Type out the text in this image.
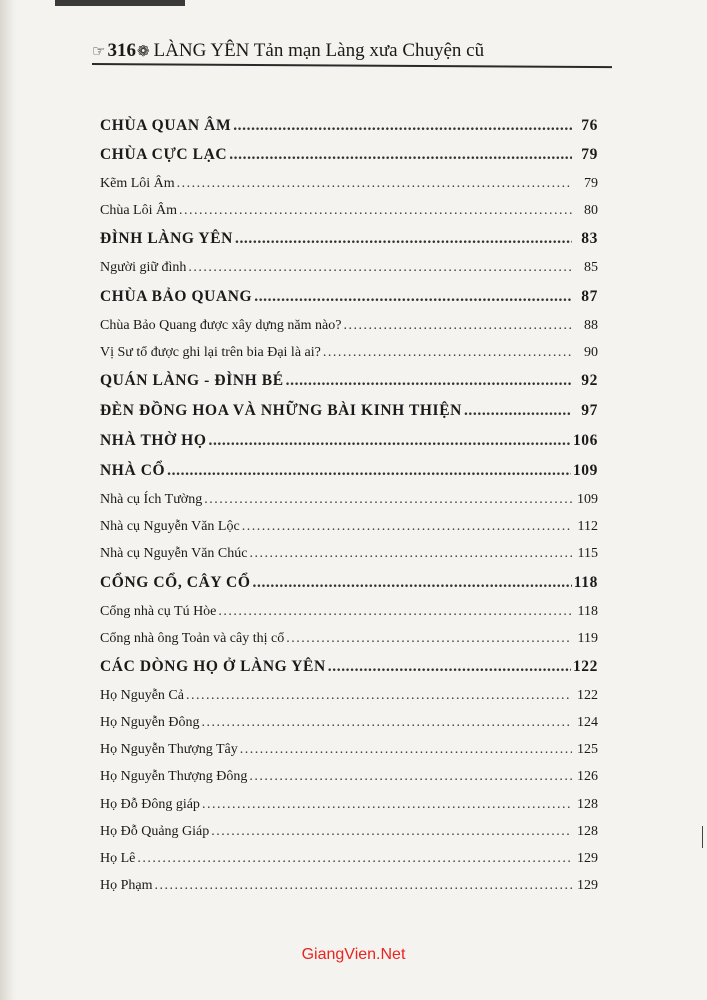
☞ 316 ❁ LÀNG YÊN Tản mạn Làng xưa Chuyện cũ
CHÙA QUAN ÂM .....	76
CHÙA CỰC LẠC .....	79
Kẽm Lôi Âm .....	79
Chùa Lôi Âm .....	80
ĐÌNH LÀNG YÊN .....	83
Người giữ đình .....	85
CHÙA BẢO QUANG .....	87
Chùa Bảo Quang được xây dựng năm nào? .....	88
Vị Sư tổ được ghi lại trên bia Đại là ai? .....	90
QUÁN LÀNG - ĐÌNH BÉ .....	92
ĐÈN ĐỒNG HOA VÀ NHỮNG BÀI KINH THIỆN .....	97
NHÀ THỜ HỌ .....	106
NHÀ CỔ .....	109
Nhà cụ Ích Tường .....	109
Nhà cụ Nguyễn Văn Lộc .....	112
Nhà cụ Nguyễn Văn Chúc .....	115
CỔNG CỔ, CÂY CỔ .....	118
Cổng nhà cụ Tú Hòe .....	118
Cổng nhà ông Toản và cây thị cổ .....	119
CÁC DÒNG HỌ Ở LÀNG YÊN .....	122
Họ Nguyễn Cả .....	122
Họ Nguyễn Đông .....	124
Họ Nguyễn Thượng Tây .....	125
Họ Nguyễn Thượng Đông .....	126
Họ Đỗ Đông giáp .....	128
Họ Đỗ Quảng Giáp .....	128
Họ Lê .....	129
Họ Phạm .....	129
GiangVien.Net
